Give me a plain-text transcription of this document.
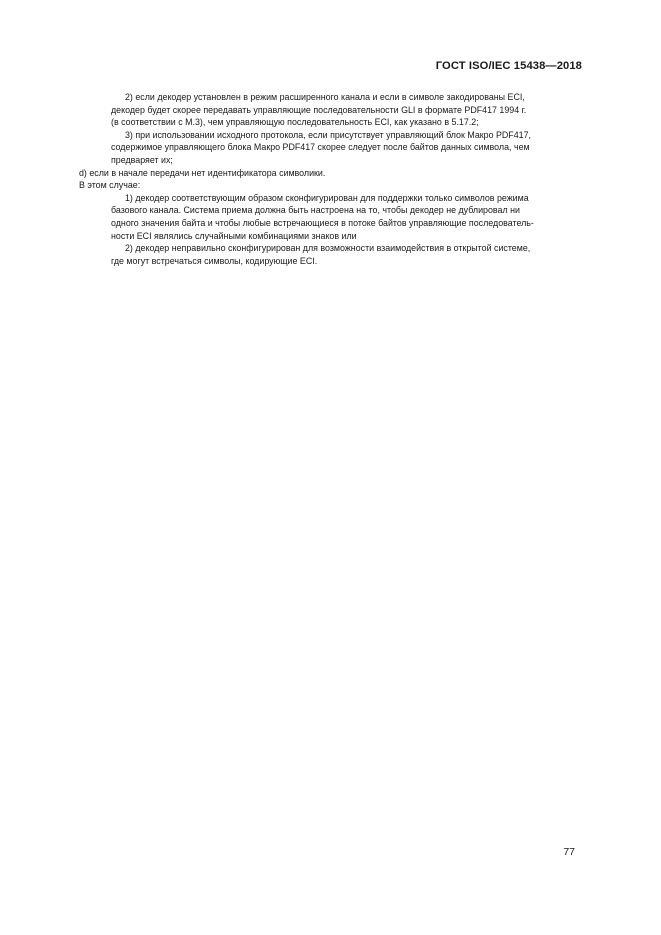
ГОСТ ISO/IEC 15438—2018
2) если декодер установлен в режим расширенного канала и если в символе закодированы ECI,
декодер будет скорее передавать управляющие последовательности GLI в формате PDF417 1994 г.
(в соответствии с М.3), чем управляющую последовательность ECI, как указано в 5.17.2;
3) при использовании исходного протокола, если присутствует управляющий блок Макро PDF417,
содержимое управляющего блока Макро PDF417 скорее следует после байтов данных символа, чем
предваряет их;
d) если в начале передачи нет идентификатора символики.
В этом случае:
1) декодер соответствующим образом сконфигурирован для поддержки только символов режима
базового канала. Система приема должна быть настроена на то, чтобы декодер не дублировал ни
одного значения байта и чтобы любые встречающиеся в потоке байтов управляющие последователь-
ности ECI являлись случайными комбинациями знаков или
2) декодер неправильно сконфигурирован для возможности взаимодействия в открытой системе,
где могут встречаться символы, кодирующие ECI.
77
